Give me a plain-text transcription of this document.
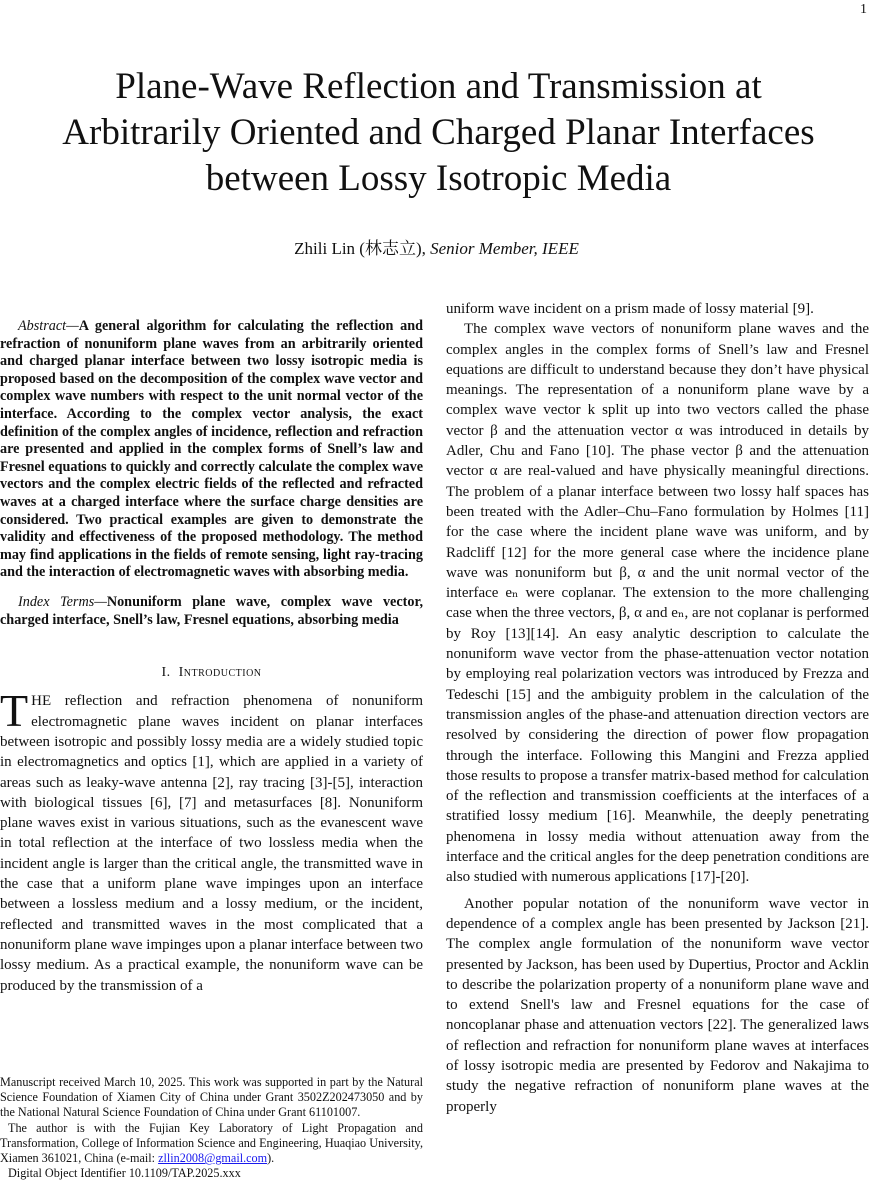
1
Plane-Wave Reflection and Transmission at Arbitrarily Oriented and Charged Planar Interfaces between Lossy Isotropic Media
Zhili Lin (林志立), Senior Member, IEEE

Abstract—A general algorithm for calculating the reflection and refraction of nonuniform plane waves from an arbitrarily oriented and charged planar interface between two lossy isotropic media is proposed based on the decomposition of the complex wave vector and complex wave numbers with respect to the unit normal vector of the interface. According to the complex vector analysis, the exact definition of the complex angles of incidence, reflection and refraction are presented and applied in the complex forms of Snell’s law and Fresnel equations to quickly and correctly calculate the complex wave vectors and the complex electric fields of the reflected and refracted waves at a charged interface where the surface charge densities are considered. Two practical examples are given to demonstrate the validity and effectiveness of the proposed methodology. The method may find applications in the fields of remote sensing, light ray-tracing and the interaction of electromagnetic waves with absorbing media.

Index Terms—Nonuniform plane wave, complex wave vector, charged interface, Snell’s law, Fresnel equations, absorbing media

I. Introduction

THE reflection and refraction phenomena of nonuniform electromagnetic plane waves incident on planar interfaces between isotropic and possibly lossy media are a widely studied topic in electromagnetics and optics [1], which are applied in a variety of areas such as leaky-wave antenna [2], ray tracing [3]-[5], interaction with biological tissues [6], [7] and metasurfaces [8]. Nonuniform plane waves exist in various situations, such as the evanescent wave in total reflection at the interface of two lossless media when the incident angle is larger than the critical angle, the transmitted wave in the case that a uniform plane wave impinges upon an interface between a lossless medium and a lossy medium, or the incident, reflected and transmitted waves in the most complicated that a nonuniform plane wave impinges upon a planar interface between two lossy medium. As a practical example, the nonuniform wave can be produced by the transmission of a

Manuscript received March 10, 2025. This work was supported in part by the Natural Science Foundation of Xiamen City of China under Grant 3502Z202473050 and by the National Natural Science Foundation of China under Grant 61101007.

The author is with the Fujian Key Laboratory of Light Propagation and Transformation, College of Information Science and Engineering, Huaqiao University, Xiamen 361021, China (e-mail: zllin2008@gmail.com).

Digital Object Identifier 10.1109/TAP.2025.xxx

uniform wave incident on a prism made of lossy material [9].

The complex wave vectors of nonuniform plane waves and the complex angles in the complex forms of Snell’s law and Fresnel equations are difficult to understand because they don’t have physical meanings. The representation of a nonuniform plane wave by a complex wave vector k split up into two vectors called the phase vector β and the attenuation vector α was introduced in details by Adler, Chu and Fano [10]. The phase vector β and the attenuation vector α are real-valued and have physically meaningful directions. The problem of a planar interface between two lossy half spaces has been treated with the Adler–Chu–Fano formulation by Holmes [11] for the case where the incident plane wave was uniform, and by Radcliff [12] for the more general case where the incidence plane wave was nonuniform but β, α and the unit normal vector of the interface eₙ were coplanar. The extension to the more challenging case when the three vectors, β, α and eₙ, are not coplanar is performed by Roy [13][14]. An easy analytic description to calculate the nonuniform wave vector from the phase-attenuation vector notation by employing real polarization vectors was introduced by Frezza and Tedeschi [15] and the ambiguity problem in the calculation of the transmission angles of the phase-and attenuation direction vectors are resolved by considering the direction of power flow propagation through the interface. Following this Mangini and Frezza applied those results to propose a transfer matrix-based method for calculation of the reflection and transmission coefficients at the interfaces of a stratified lossy medium [16]. Meanwhile, the deeply penetrating phenomena in lossy media without attenuation away from the interface and the critical angles for the deep penetration conditions are also studied with numerous applications [17]-[20].

Another popular notation of the nonuniform wave vector in dependence of a complex angle has been presented by Jackson [21]. The complex angle formulation of the nonuniform wave vector presented by Jackson, has been used by Dupertius, Proctor and Acklin to describe the polarization property of a nonuniform plane wave and to extend Snell's law and Fresnel equations for the case of noncoplanar phase and attenuation vectors [22]. The generalized laws of reflection and refraction for nonuniform plane waves at interfaces of lossy isotropic media are presented by Fedorov and Nakajima to study the negative refraction of nonuniform plane waves at the properly
